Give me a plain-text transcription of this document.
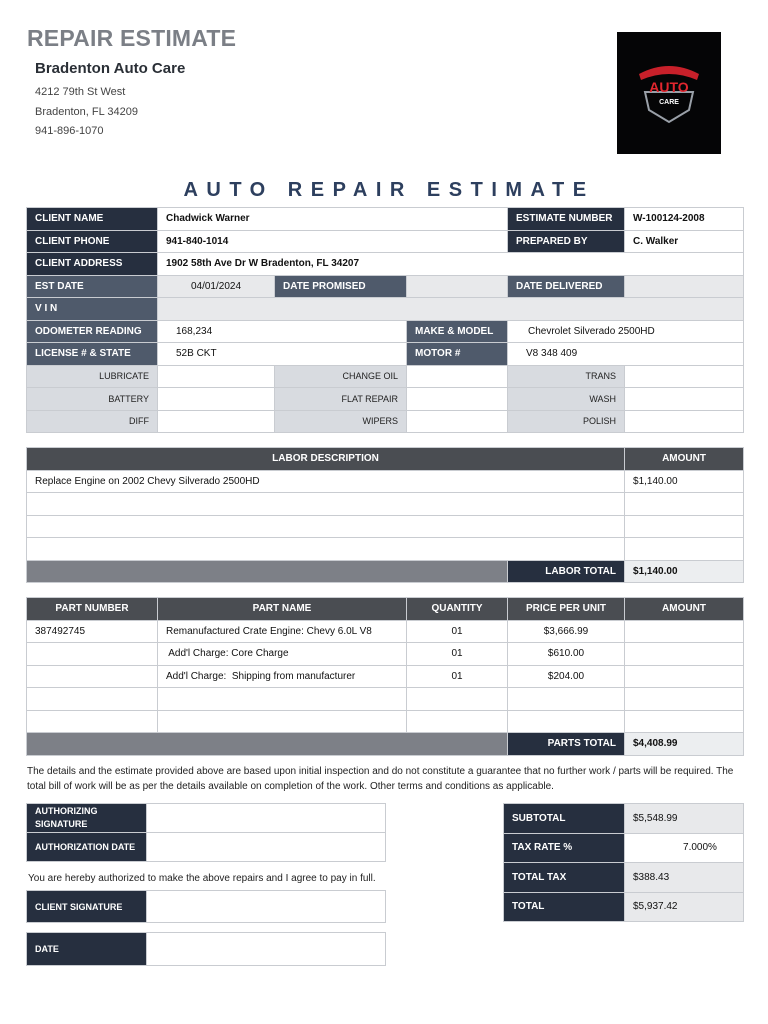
REPAIR ESTIMATE
Bradenton Auto Care
4212 79th St West
Bradenton, FL 34209
941-896-1070
AUTO
CARE
AUTO REPAIR ESTIMATE
CLIENT NAME	Chadwick Warner			ESTIMATE NUMBER	W-100124-2008
CLIENT PHONE	941-840-1014			PREPARED BY	C. Walker
CLIENT ADDRESS	1902 58th Ave Dr W Bradenton, FL 34207				
EST DATE	04/01/2024	DATE PROMISED		DATE DELIVERED	
V I N					
ODOMETER READING	168,234		MAKE & MODEL	Chevrolet Silverado 2500HD	
LICENSE # & STATE	52B CKT		MOTOR #	V8 348 409	
LUBRICATE		CHANGE OIL		TRANS	
BATTERY		FLAT REPAIR		WASH	
DIFF		WIPERS		POLISH	
LABOR DESCRIPTION		AMOUNT
Replace Engine on 2002 Chevy Silverado 2500HD		$1,140.00

	LABOR TOTAL	$1,140.00
PART NUMBER	PART NAME	QUANTITY	PRICE PER UNIT	AMOUNT
387492745	Remanufactured Crate Engine: Chevy 6.0L V8	01	$3,666.99	
	Add'l Charge: Core Charge	01	$610.00	
	Add'l Charge:  Shipping from manufacturer	01	$204.00	

			PARTS TOTAL	$4,408.99
The details and the estimate provided above are based upon initial inspection and do not constitute a guarantee that no further work / parts will be required. The total bill of work will be as per the details available on completion of the work. Other terms and conditions as applicable.
AUTHORIZING SIGNATURE	
AUTHORIZATION DATE	
You are hereby authorized to make the above repairs and I agree to pay in full.
CLIENT SIGNATURE	
DATE	
SUBTOTAL	$5,548.99
TAX RATE %	7.000%
TOTAL TAX	$388.43
TOTAL	$5,937.42
